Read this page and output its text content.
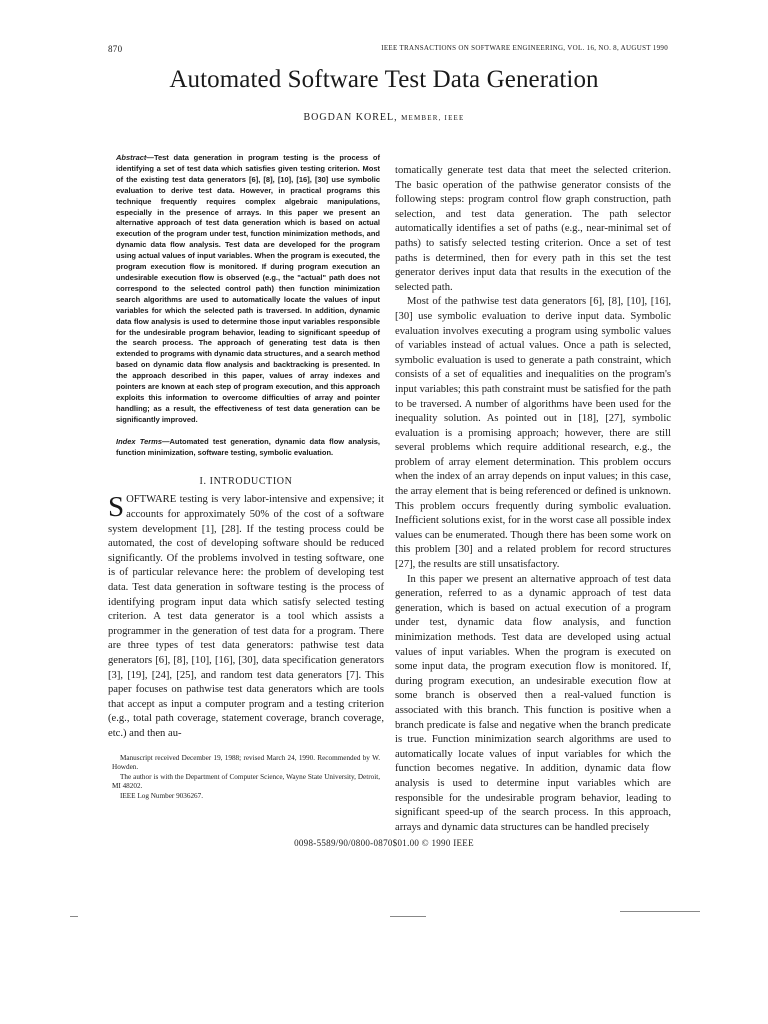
870	IEEE TRANSACTIONS ON SOFTWARE ENGINEERING, VOL. 16, NO. 8, AUGUST 1990
Automated Software Test Data Generation
BOGDAN KOREL, MEMBER, IEEE

Abstract—Test data generation in program testing is the process of identifying a set of test data which satisfies given testing criterion. Most of the existing test data generators [6], [8], [10], [16], [30] use symbolic evaluation to derive test data. However, in practical programs this technique frequently requires complex algebraic manipulations, especially in the presence of arrays. In this paper we present an alternative approach of test data generation which is based on actual execution of the program under test, function minimization methods, and dynamic data flow analysis. Test data are developed for the program using actual values of input variables. When the program is executed, the program execution flow is monitored. If during program execution an undesirable execution flow is observed (e.g., the "actual" path does not correspond to the selected control path) then function minimization search algorithms are used to automatically locate the values of input variables for which the selected path is traversed. In addition, dynamic data flow analysis is used to determine those input variables responsible for the undesirable program behavior, leading to significant speedup of the search process. The approach of generating test data is then extended to programs with dynamic data structures, and a search method based on dynamic data flow analysis and backtracking is presented. In the approach described in this paper, values of array indexes and pointers are known at each step of program execution, and this approach exploits this information to overcome difficulties of array and pointer handling; as a result, the effectiveness of test data generation can be significantly improved.

Index Terms—Automated test generation, dynamic data flow analysis, function minimization, software testing, symbolic evaluation.

I. INTRODUCTION

SOFTWARE testing is very labor-intensive and expensive; it accounts for approximately 50% of the cost of a software system development [1], [28]. If the testing process could be automated, the cost of developing software should be reduced significantly. Of the problems involved in testing software, one is of particular relevance here: the problem of developing test data. Test data generation in software testing is the process of identifying program input data which satisfy selected testing criterion. A test data generator is a tool which assists a programmer in the generation of test data for a program. There are three types of test data generators: pathwise test data generators [6], [8], [10], [16], [30], data specification generators [3], [19], [24], [25], and random test data generators [7]. This paper focuses on pathwise test data generators which are tools that accept as input a computer program and a testing criterion (e.g., total path coverage, statement coverage, branch coverage, etc.) and then au-

Manuscript received December 19, 1988; revised March 24, 1990. Recommended by W. Howden.

The author is with the Department of Computer Science, Wayne State University, Detroit, MI 48202.

IEEE Log Number 9036267.

tomatically generate test data that meet the selected criterion. The basic operation of the pathwise generator consists of the following steps: program control flow graph construction, path selection, and test data generation. The path selector automatically identifies a set of paths (e.g., near-minimal set of paths) to satisfy selected testing criterion. Once a set of test paths is determined, then for every path in this set the test generator derives input data that results in the execution of the selected path.

Most of the pathwise test data generators [6], [8], [10], [16], [30] use symbolic evaluation to derive input data. Symbolic evaluation involves executing a program using symbolic values of variables instead of actual values. Once a path is selected, symbolic evaluation is used to generate a path constraint, which consists of a set of equalities and inequalities on the program's input variables; this path constraint must be satisfied for the path to be traversed. A number of algorithms have been used for the inequality solution. As pointed out in [18], [27], symbolic evaluation is a promising approach; however, there are still several problems which require additional research, e.g., the problem of array element determination. This problem occurs when the index of an array depends on input values; in this case, the array element that is being referenced or defined is unknown. This problem occurs frequently during symbolic evaluation. Inefficient solutions exist, for in the worst case all possible index values can be enumerated. Though there has been some work on this problem [30] and a related problem for record structures [27], the results are still unsatisfactory.

In this paper we present an alternative approach of test data generation, referred to as a dynamic approach of test data generation, which is based on actual execution of a program under test, dynamic data flow analysis, and function minimization methods. Test data are developed using actual values of input variables. When the program is executed on some input data, the program execution flow is monitored. If, during program execution, an undesirable execution flow at some branch is observed then a real-valued function is associated with this branch. This function is positive when a branch predicate is false and negative when the branch predicate is true. Function minimization search algorithms are used to automatically locate values of input variables for which the function becomes negative. In addition, dynamic data flow analysis is used to determine input variables which are responsible for the undesirable program behavior, leading to significant speed-up of the search process. In this approach, arrays and dynamic data structures can be handled precisely

0098-5589/90/0800-0870$01.00 © 1990 IEEE
